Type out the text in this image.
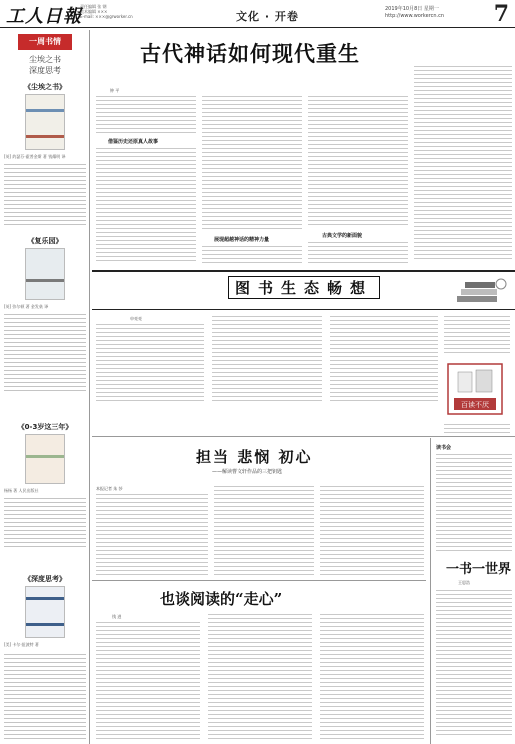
工人日報
责任编辑 张 钢
美术编辑 ×××
E-mail: ×××@grworker.cn	文化 · 开卷
2019年10月8日 星期一
http://www.workercn.cn 7
一周书情
尘埃之书
深度思考
《尘埃之书》
[英] 约瑟芬·霍普金斯 著 钱耀明 译
《复乐园》
[英] 弥尔顿 著 金发燊 译
《0-3岁这三年》
杨杨 著 人民出版社
《深度思考》
[美] 卡尔·纽波特 著
古代神话如何现代重生
钟 平
借鉴历史还原真人故事
展现超越神话的精神力量
古典文学的新面貌
图书生态畅想
申亮亮
百读不厌
担当 悲悯 初心
——解读曹文轩作品的三把钥匙
本报记者 朱 莎
也谈阅读的“走心”
钱 进
读书会
一书一世界
王思浩
